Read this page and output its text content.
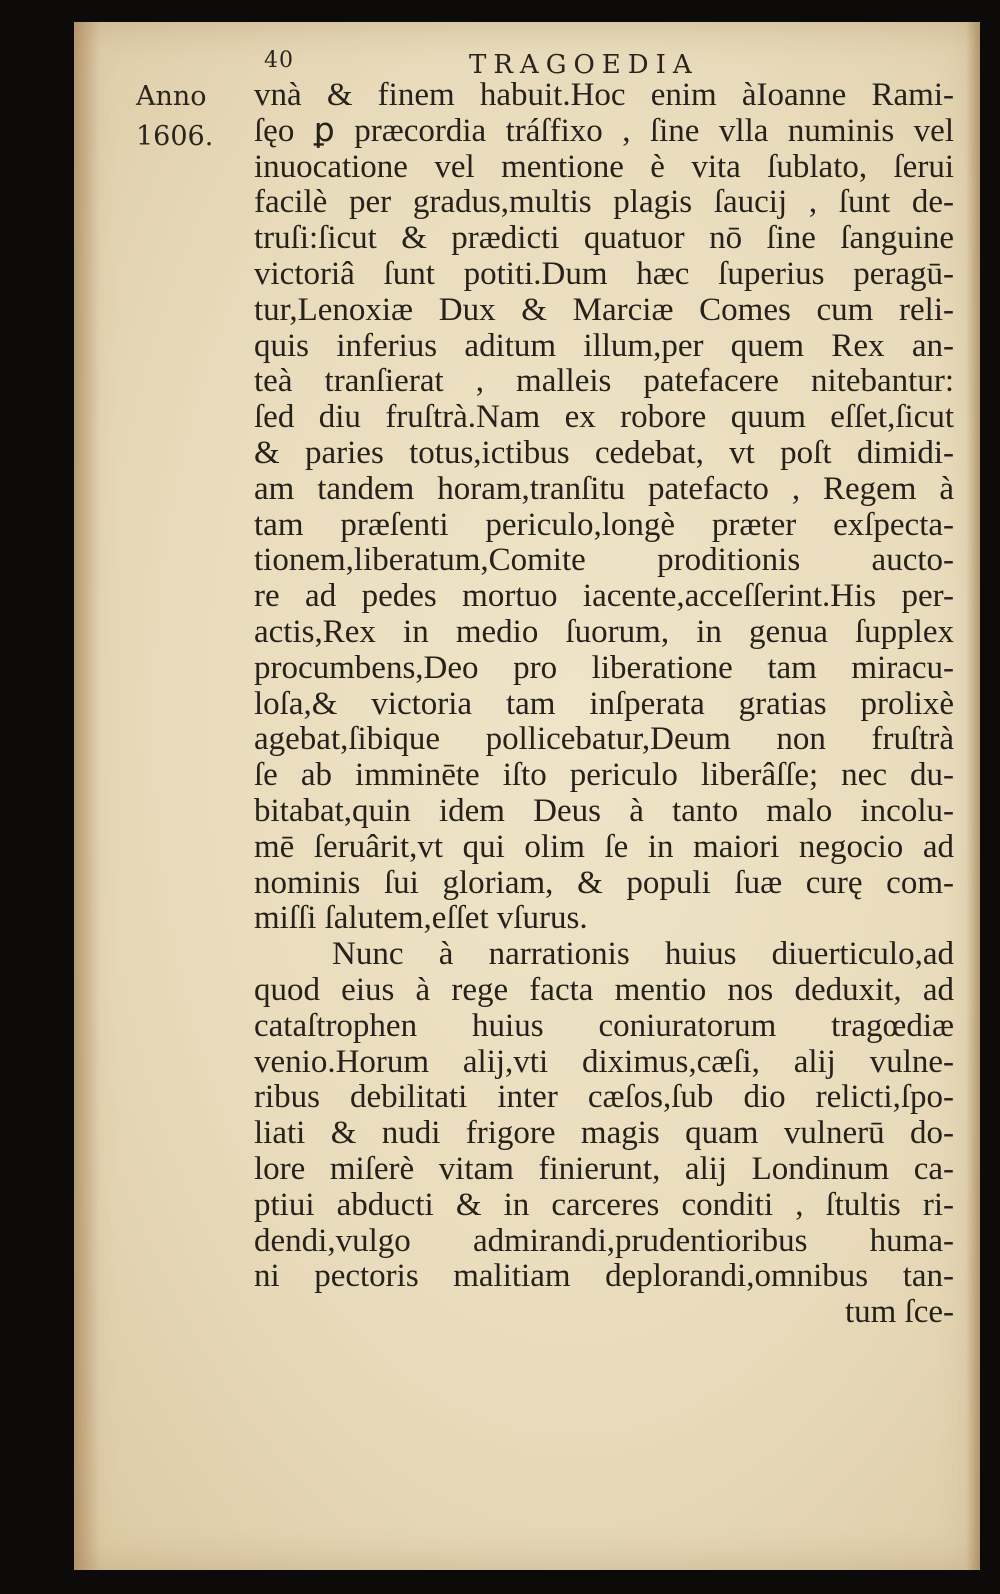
40	TRAGOEDIA
Anno
1606.
vnà & finem habuit.Hoc enim àIoanne Rami-
ſęo ꝑ præcordia tráſfixo , ſine vlla numinis vel
inuocatione vel mentione è vita ſublato, ſerui
facilè per gradus,multis plagis ſaucij , ſunt de-
truſi:ſicut & prædicti quatuor nō ſine ſanguine
victoriâ ſunt potiti.Dum hæc ſuperius peragū-
tur,Lenoxiæ Dux & Marciæ Comes cum reli-
quis inferius aditum illum,per quem Rex an-
teà tranſierat , malleis patefacere nitebantur:
ſed diu fruſtrà.Nam ex robore quum eſſet,ſicut
& paries totus,ictibus cedebat, vt poſt dimidi-
am tandem horam,tranſitu patefacto , Regem à
tam præſenti periculo,longè præter exſpecta-
tionem,liberatum,Comite proditionis aucto-
re ad pedes mortuo iacente,acceſſerint.His per-
actis,Rex in medio ſuorum, in genua ſupplex
procumbens,Deo pro liberatione tam miracu-
loſa,& victoria tam inſperata gratias prolixè
agebat,ſibique pollicebatur,Deum non fruſtrà
ſe ab imminēte iſto periculo liberâſſe; nec du-
bitabat,quin idem Deus à tanto malo incolu-
mē ſeruârit,vt qui olim ſe in maiori negocio ad
nominis ſui gloriam, & populi ſuæ curę com-
miſſi ſalutem,eſſet vſurus.
Nunc à narrationis huius diuerticulo,ad
quod eius à rege facta mentio nos deduxit, ad
cataſtrophen huius coniuratorum tragœdiæ
venio.Horum alij,vti diximus,cæſi, alij vulne-
ribus debilitati inter cæſos,ſub dio relicti,ſpo-
liati & nudi frigore magis quam vulnerū do-
lore miſerè vitam finierunt, alij Londinum ca-
ptiui abducti & in carceres conditi , ſtultis ri-
dendi,vulgo admirandi,prudentioribus huma-
ni pectoris malitiam deplorandi,omnibus tan-
tum ſce-
